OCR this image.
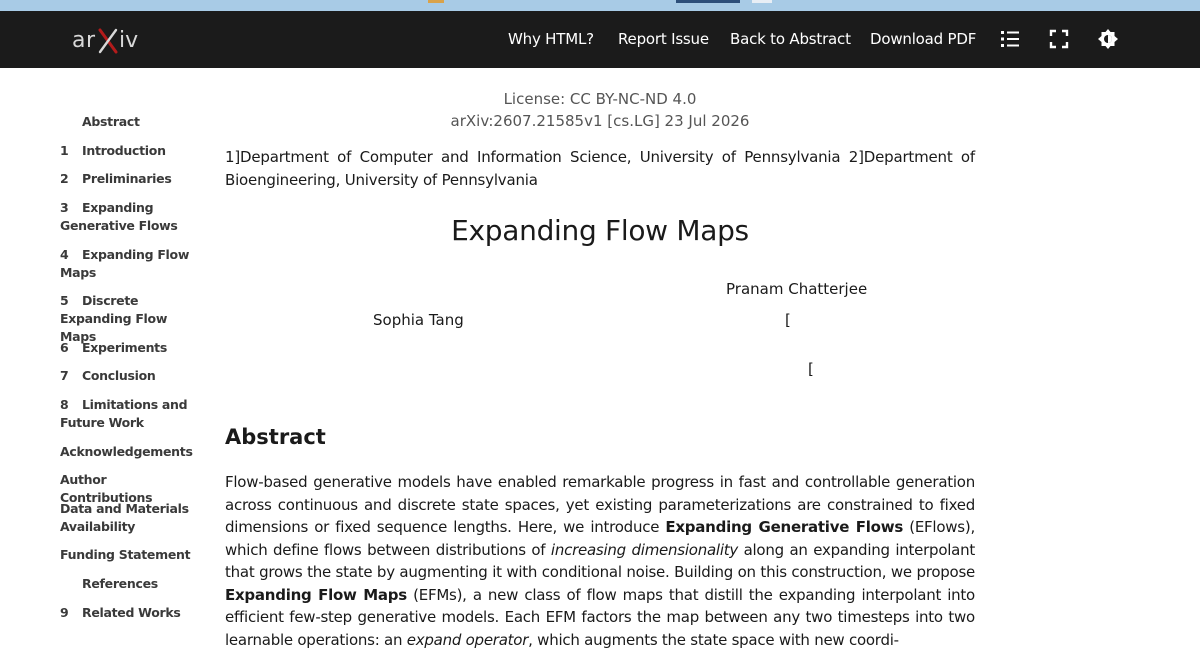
ar iv	Why HTML? Report Issue Back to Abstract Download PDF
Abstract
1 Introduction
2 Preliminaries
3 Expanding Generative Flows
4 Expanding Flow Maps
5 Discrete Expanding Flow Maps
6 Experiments
7 Conclusion
8 Limitations and Future Work
Acknowledgements
Author Contributions
Data and Materials Availability
Funding Statement
References
9 Related Works
License: CC BY-NC-ND 4.0
arXiv:2607.21585v1 [cs.LG] 23 Jul 2026
1]Department of Computer and Information Science, University of Pennsylvania 2]Department of Bioengineering, University of Pennsylvania
Expanding Flow Maps
Pranam Chatterjee
Sophia Tang	[
[
Abstract
Flow-based generative models have enabled remarkable progress in fast and controllable generation across continuous and discrete state spaces, yet existing parameterizations are constrained to fixed dimensions or fixed sequence lengths. Here, we introduce Expanding Generative Flows (EFlows), which define flows between distributions of increasing dimensionality along an expanding interpolant that grows the state by augmenting it with conditional noise. Building on this construction, we propose Expanding Flow Maps (EFMs), a new class of flow maps that distill the expanding interpolant into efficient few-step generative models. Each EFM factors the map between any two timesteps into two learnable operations: an expand operator, which augments the state space with new coordi-
